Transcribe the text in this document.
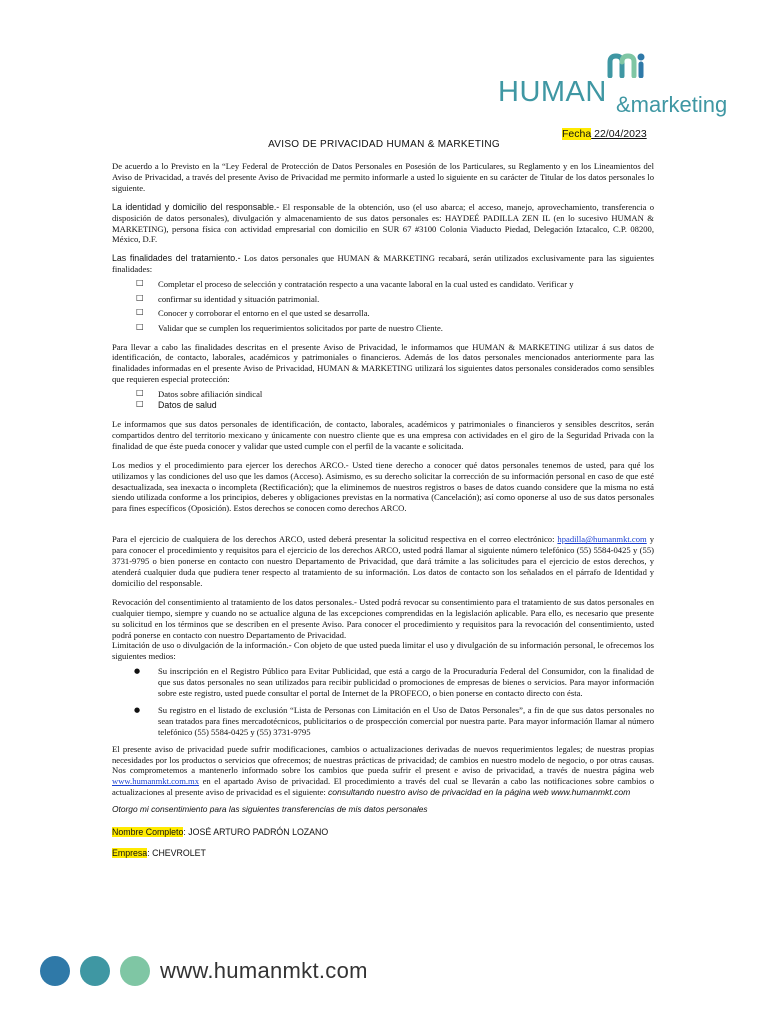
HUMAN &marketing
Fecha 22/04/2023
AVISO DE PRIVACIDAD HUMAN & MARKETING

De acuerdo a lo Previsto en la “Ley Federal de Protección de Datos Personales en Posesión de los Particulares, su Reglamento y en los Lineamientos del Aviso de Privacidad, a través del presente Aviso de Privacidad me permito informarle a usted lo siguiente en su carácter de Titular de los datos personales lo siguiente.

La identidad y domicilio del responsable.- El responsable de la obtención, uso (el uso abarca; el acceso, manejo, aprovechamiento, transferencia o disposición de datos personales), divulgación y almacenamiento de sus datos personales es: HAYDEÉ PADILLA ZEN IL (en lo sucesivo HUMAN & MARKETING), persona física con actividad empresarial con domicilio en SUR 67 #3100 Colonia Viaducto Piedad, Delegación Iztacalco, C.P. 08200, México, D.F.

Las finalidades del tratamiento.- Los datos personales que HUMAN & MARKETING recabará, serán utilizados exclusivamente para las siguientes finalidades:

□ Completar el proceso de selección y contratación respecto a una vacante laboral en la cual usted es candidato. Verificar y
□ confirmar su identidad y situación patrimonial.
□ Conocer y corroborar el entorno en el que usted se desarrolla.
□ Validar que se cumplen los requerimientos solicitados por parte de nuestro Cliente.

Para llevar a cabo las finalidades descritas en el presente Aviso de Privacidad, le informamos que HUMAN & MARKETING utilizar á sus datos de identificación, de contacto, laborales, académicos y patrimoniales o financieros. Además de los datos personales mencionados anteriormente para las finalidades informadas en el presente Aviso de Privacidad, HUMAN & MARKETING utilizará los siguientes datos personales considerados como sensibles que requieren especial protección:

□ Datos sobre afiliación sindical
□ Datos de salud

Le informamos que sus datos personales de identificación, de contacto, laborales, académicos y patrimoniales o financieros y sensibles descritos, serán compartidos dentro del territorio mexicano y únicamente con nuestro cliente que es una empresa con actividades en el giro de la Seguridad Privada con la finalidad de que éste pueda conocer y validar que usted cumple con el perfil de la vacante e solicitada.

Los medios y el procedimiento para ejercer los derechos ARCO.- Usted tiene derecho a conocer qué datos personales tenemos de usted, para qué los utilizamos y las condiciones del uso que les damos (Acceso). Asimismo, es su derecho solicitar la corrección de su información personal en caso de que esté desactualizada, sea inexacta o incompleta (Rectificación); que la eliminemos de nuestros registros o bases de datos cuando considere que la misma no está siendo utilizada conforme a los principios, deberes y obligaciones previstas en la normativa (Cancelación); así como oponerse al uso de sus datos personales para fines específicos (Oposición). Estos derechos se conocen como derechos ARCO.

Para el ejercicio de cualquiera de los derechos ARCO, usted deberá presentar la solicitud respectiva en el correo electrónico: hpadilla@humanmkt.com y para conocer el procedimiento y requisitos para el ejercicio de los derechos ARCO, usted podrá llamar al siguiente número telefónico (55) 5584-0425 y (55) 3731-9795 o bien ponerse en contacto con nuestro Departamento de Privacidad, que dará trámite a las solicitudes para el ejercicio de estos derechos, y atenderá cualquier duda que pudiera tener respecto al tratamiento de su información. Los datos de contacto son los señalados en el párrafo de Identidad y domicilio del responsable.

Revocación del consentimiento al tratamiento de los datos personales.- Usted podrá revocar su consentimiento para el tratamiento de sus datos personales en cualquier tiempo, siempre y cuando no se actualice alguna de las excepciones comprendidas en la legislación aplicable. Para ello, es necesario que presente su solicitud en los términos que se describen en el presente Aviso. Para conocer el procedimiento y requisitos para la revocación del consentimiento, usted podrá ponerse en contacto con nuestro Departamento de Privacidad.

Limitación de uso o divulgación de la información.- Con objeto de que usted pueda limitar el uso y divulgación de su información personal, le ofrecemos los siguientes medios:

● Su inscripción en el Registro Público para Evitar Publicidad, que está a cargo de la Procuraduría Federal del Consumidor, con la finalidad de que sus datos personales no sean utilizados para recibir publicidad o promociones de empresas de bienes o servicios. Para mayor información sobre este registro, usted puede consultar el portal de Internet de la PROFECO, o bien ponerse en contacto directo con ésta.
● Su registro en el listado de exclusión “Lista de Personas con Limitación en el Uso de Datos Personales”, a fin de que sus datos personales no sean tratados para fines mercadotécnicos, publicitarios o de prospección comercial por nuestra parte. Para mayor información llamar al número telefónico (55) 5584-0425 y (55) 3731-9795

El presente aviso de privacidad puede sufrir modificaciones, cambios o actualizaciones derivadas de nuevos requerimientos legales; de nuestras propias necesidades por los productos o servicios que ofrecemos; de nuestras prácticas de privacidad; de cambios en nuestro modelo de negocio, o por otras causas. Nos comprometemos a mantenerlo informado sobre los cambios que pueda sufrir el present e aviso de privacidad, a través de nuestra página web www.humanmkt.com.mx en el apartado Aviso de privacidad. El procedimiento a través del cual se llevarán a cabo las notificaciones sobre cambios o actualizaciones al presente aviso de privacidad es el siguiente: consultando nuestro aviso de privacidad en la página web www.humanmkt.com

Otorgo mi consentimiento para las siguientes transferencias de mis datos personales
Nombre Completo: JOSÉ ARTURO PADRÓN LOZANO
Empresa: CHEVROLET
www.humanmkt.com
